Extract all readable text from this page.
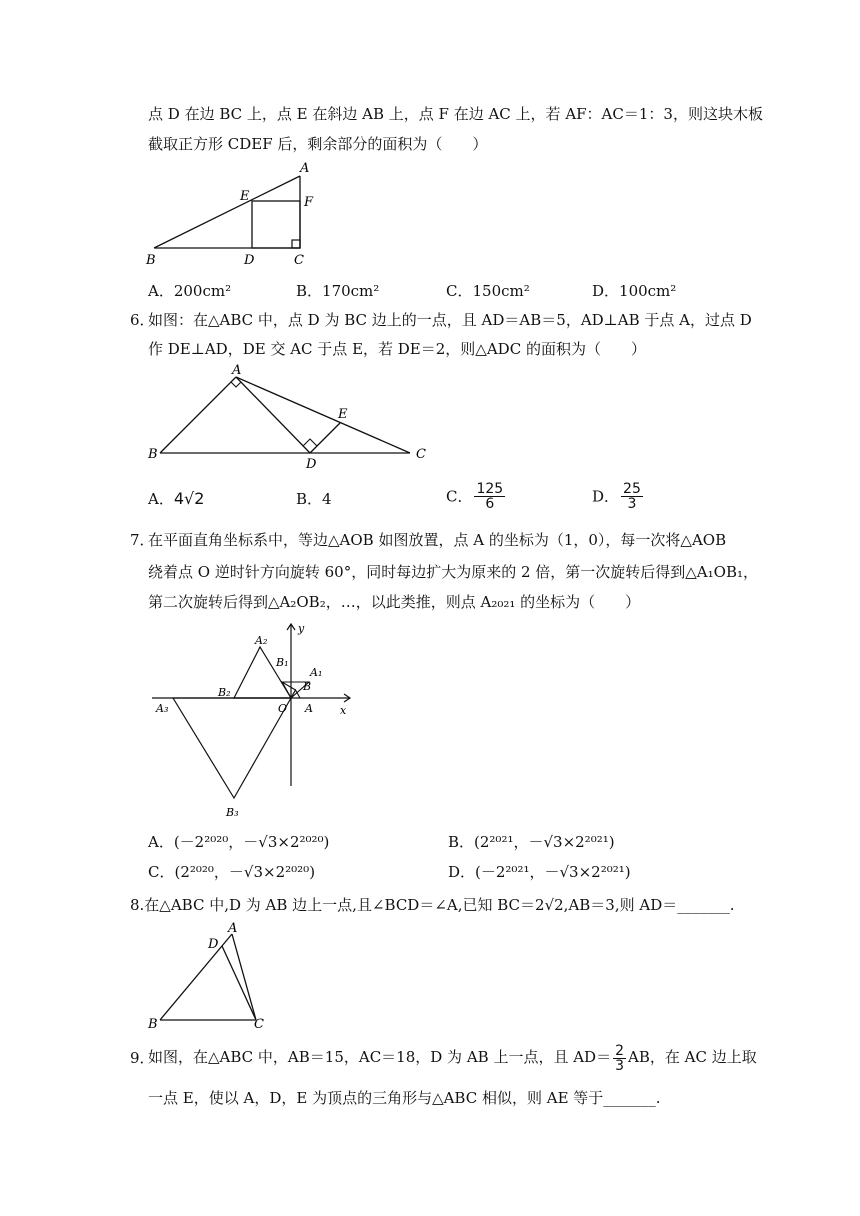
点 D 在边 BC 上，点 E 在斜边 AB 上，点 F 在边 AC 上，若 AF：AC＝1：3，则这块木板
截取正方形 CDEF 后，剩余部分的面积为（　　）
A
E	F
B	D	C
A．200cm²	B．170cm²	C．150cm²	D．100cm²
6．
如图：在△ABC 中，点 D 为 BC 边上的一点，且 AD＝AB＝5，AD⊥AB 于点 A，过点 D
作 DE⊥AD，DE 交 AC 于点 E，若 DE＝2，则△ADC 的面积为（　　）
A
E
B
D
C
A．4√2	B．4	C． $\frac{125}{6}$	D． $\frac{25}{3}$
7．
在平面直角坐标系中，等边△AOB 如图放置，点 A 的坐标为（1，0），每一次将△AOB
绕着点 O 逆时针方向旋转 60°，同时每边扩大为原来的 2 倍，第一次旋转后得到△A₁OB₁，
第二次旋转后得到△A₂OB₂，…，以此类推，则点 A₂₀₂₁ 的坐标为（　　）
y
x
A₂
B₁
A₁
B
B₂
A₃	O A
B₃
A．(－2²⁰²⁰，－√3×2²⁰²⁰)	B．(2²⁰²¹，－√3×2²⁰²¹)
C．(2²⁰²⁰，－√3×2²⁰²⁰)	D．(－2²⁰²¹，－√3×2²⁰²¹)
8.在△ABC 中,D 为 AB 边上一点,且∠BCD＝∠A,已知 BC＝2√2,AB＝3,则 AD＝_______.
A
D
B	C
9．
如图，在△ABC 中，AB＝15，AC＝18，D 为 AB 上一点，且 $AD= \frac{2}{3}$ AB，在 AC 边上取
一点 E，使以 A，D，E 为顶点的三角形与△ABC 相似，则 AE 等于_______.
